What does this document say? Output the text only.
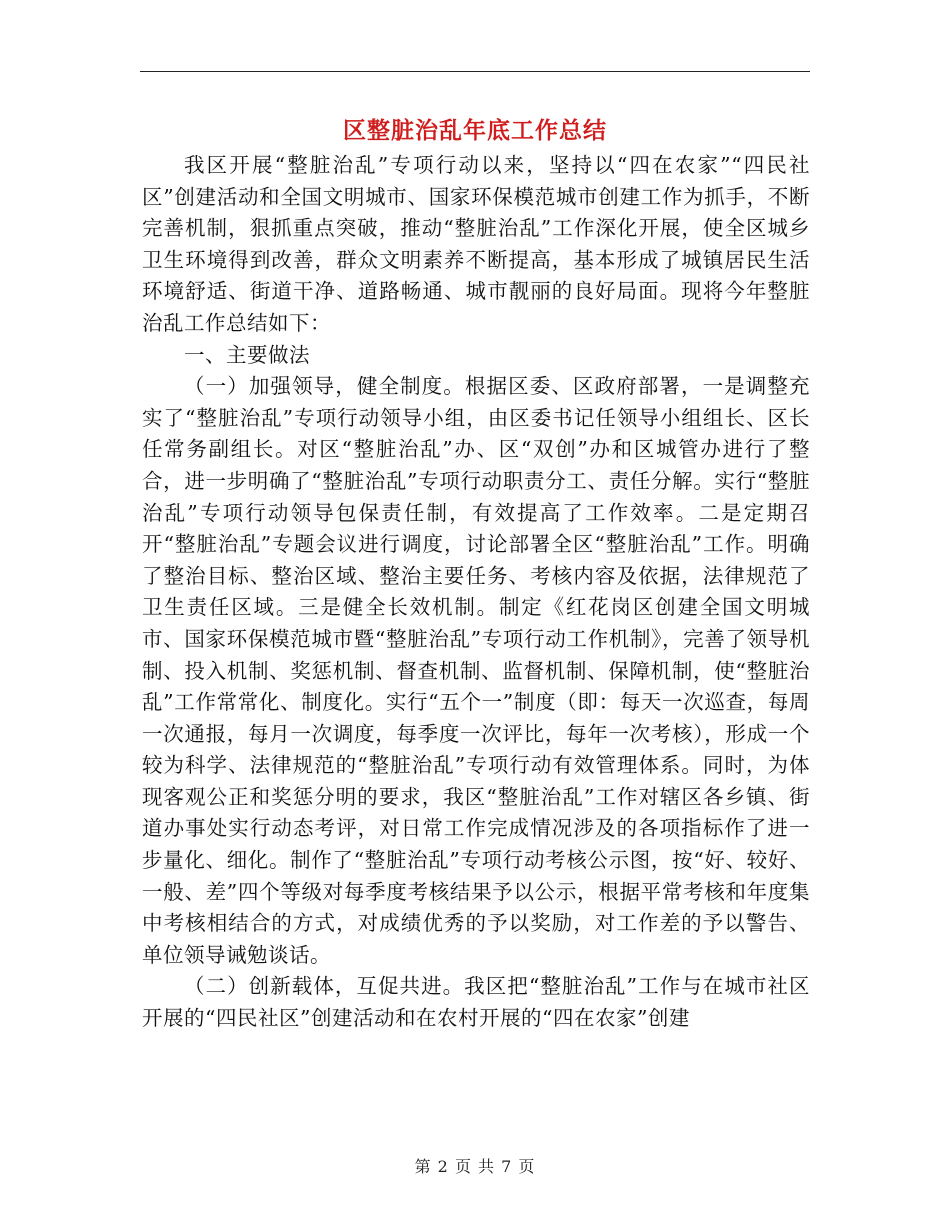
区整脏治乱年底工作总结

我区开展“整脏治乱”专项行动以来，坚持以“四在农家”“四民社区”创建活动和全国文明城市、国家环保模范城市创建工作为抓手，不断完善机制，狠抓重点突破，推动“整脏治乱”工作深化开展，使全区城乡卫生环境得到改善，群众文明素养不断提高，基本形成了城镇居民生活环境舒适、街道干净、道路畅通、城市靓丽的良好局面。现将今年整脏治乱工作总结如下：

一、主要做法

（一）加强领导，健全制度。根据区委、区政府部署，一是调整充实了“整脏治乱”专项行动领导小组，由区委书记任领导小组组长、区长任常务副组长。对区“整脏治乱”办、区“双创”办和区城管办进行了整合，进一步明确了“整脏治乱”专项行动职责分工、责任分解。实行“整脏治乱”专项行动领导包保责任制，有效提高了工作效率。二是定期召开“整脏治乱”专题会议进行调度，讨论部署全区“整脏治乱”工作。明确了整治目标、整治区域、整治主要任务、考核内容及依据，法律规范了卫生责任区域。三是健全长效机制。制定《红花岗区创建全国文明城市、国家环保模范城市暨“整脏治乱”专项行动工作机制》，完善了领导机制、投入机制、奖惩机制、督查机制、监督机制、保障机制，使“整脏治乱”工作常常化、制度化。实行“五个一”制度（即：每天一次巡查，每周一次通报，每月一次调度，每季度一次评比，每年一次考核），形成一个较为科学、法律规范的“整脏治乱”专项行动有效管理体系。同时，为体现客观公正和奖惩分明的要求，我区“整脏治乱”工作对辖区各乡镇、街道办事处实行动态考评，对日常工作完成情况涉及的各项指标作了进一步量化、细化。制作了“整脏治乱”专项行动考核公示图，按“好、较好、一般、差”四个等级对每季度考核结果予以公示，根据平常考核和年度集中考核相结合的方式，对成绩优秀的予以奖励，对工作差的予以警告、单位领导诫勉谈话。

（二）创新载体，互促共进。我区把“整脏治乱”工作与在城市社区开展的“四民社区”创建活动和在农村开展的“四在农家”创建

第 2 页 共 7 页
